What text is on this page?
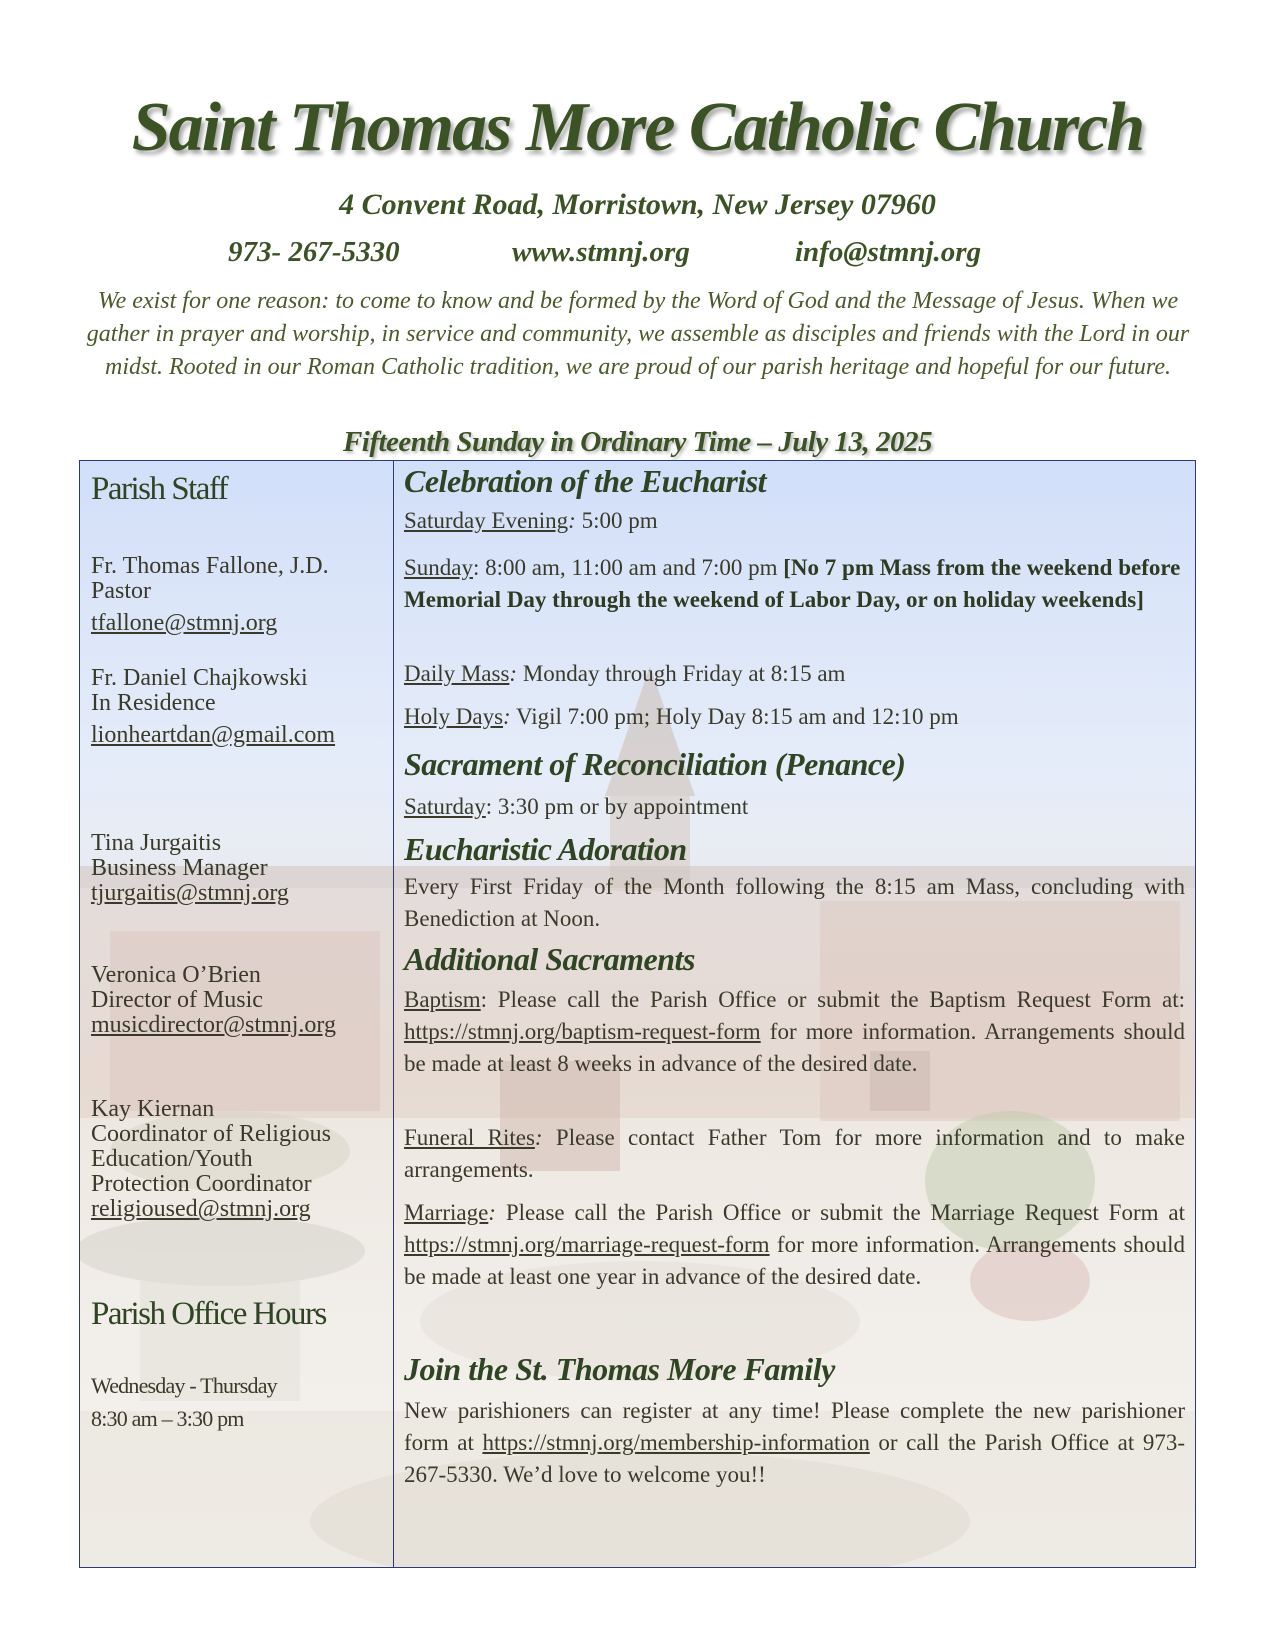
Saint Thomas More Catholic Church
4 Convent Road, Morristown, New Jersey 07960
973- 267-5330	www.stmnj.org	info@stmnj.org
We exist for one reason: to come to know and be formed by the Word of God and the Message of Jesus. When we gather in prayer and worship, in service and community, we assemble as disciples and friends with the Lord in our midst. Rooted in our Roman Catholic tradition, we are proud of our parish heritage and hopeful for our future.
Fifteenth Sunday in Ordinary Time – July 13, 2025
Parish Staff
Fr. Thomas Fallone, J.D.
Pastor
tfallone@stmnj.org
Fr. Daniel Chajkowski
In Residence
lionheartdan@gmail.com
Tina Jurgaitis
Business Manager
tjurgaitis@stmnj.org
Veronica O’Brien
Director of Music
musicdirector@stmnj.org
Kay Kiernan
Coordinator of Religious
Education/Youth
Protection Coordinator
religioused@stmnj.org
Parish Office Hours
Wednesday - Thursday
8:30 am – 3:30 pm
Celebration of the Eucharist
Saturday Evening: 5:00 pm
Sunday: 8:00 am, 11:00 am and 7:00 pm [No 7 pm Mass from the weekend before Memorial Day through the weekend of Labor Day, or on holiday weekends]
Daily Mass: Monday through Friday at 8:15 am
Holy Days: Vigil 7:00 pm; Holy Day 8:15 am and 12:10 pm
Sacrament of Reconciliation (Penance)
Saturday: 3:30 pm or by appointment
Eucharistic Adoration
Every First Friday of the Month following the 8:15 am Mass, concluding with Benediction at Noon.
Additional Sacraments
Baptism: Please call the Parish Office or submit the Baptism Request Form at: https://stmnj.org/baptism-request-form for more information. Arrangements should be made at least 8 weeks in advance of the desired date.
Funeral Rites: Please contact Father Tom for more information and to make arrangements.
Marriage: Please call the Parish Office or submit the Marriage Request Form at https://stmnj.org/marriage-request-form for more information. Arrangements should be made at least one year in advance of the desired date.
Join the St. Thomas More Family
New parishioners can register at any time! Please complete the new parishioner form at https://stmnj.org/membership-information or call the Parish Office at 973-267-5330. We’d love to welcome you!!
